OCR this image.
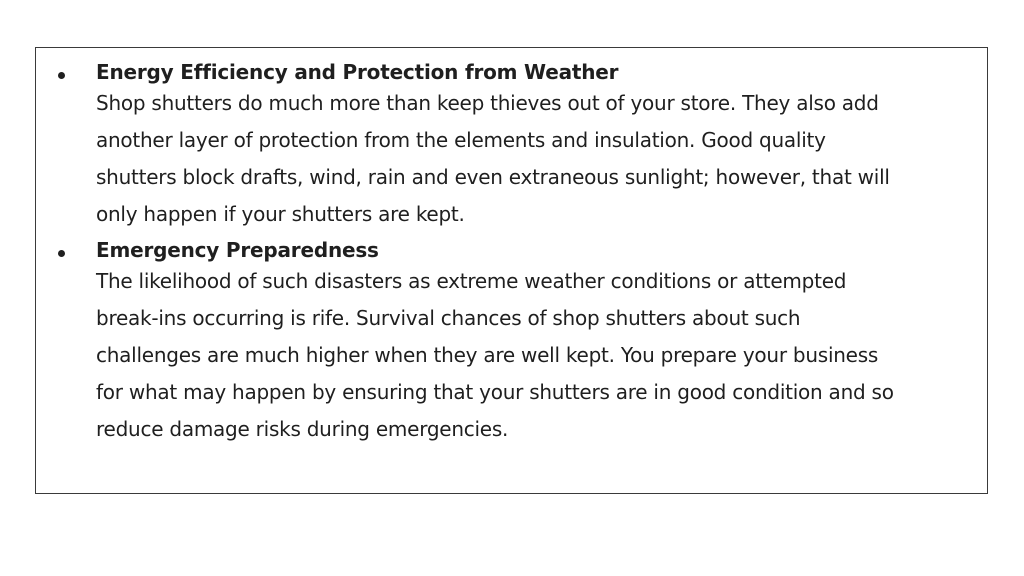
Energy Efficiency and Protection from Weather
Shop shutters do much more than keep thieves out of your store. They also add
another layer of protection from the elements and insulation. Good quality
shutters block drafts, wind, rain and even extraneous sunlight; however, that will
only happen if your shutters are kept.
Emergency Preparedness
The likelihood of such disasters as extreme weather conditions or attempted
break-ins occurring is rife. Survival chances of shop shutters about such
challenges are much higher when they are well kept. You prepare your business
for what may happen by ensuring that your shutters are in good condition and so
reduce damage risks during emergencies.
